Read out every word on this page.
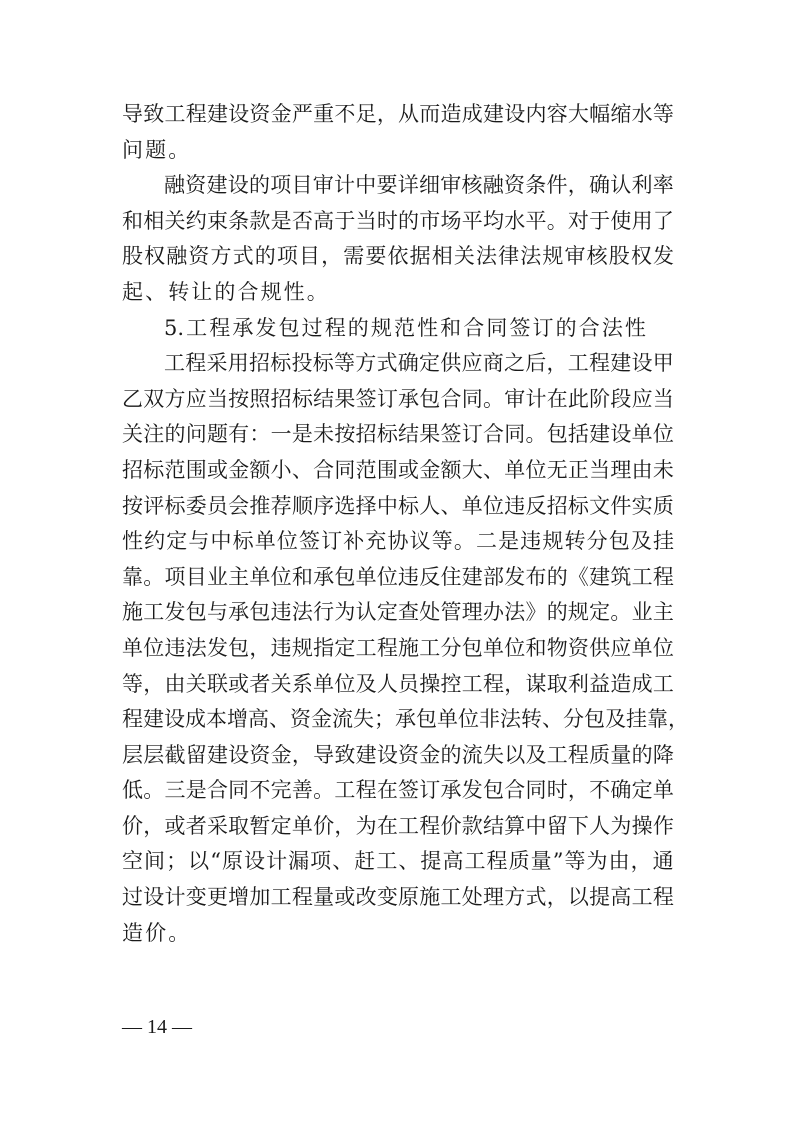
导 致 工 程 建 设 资 金 严 重 不 足 ， 从 而 造 成 建 设 内 容 大 幅 缩 水 等
问 题 。
融 资 建 设 的 项 目 审 计 中 要 详 细 审 核 融 资 条 件 ， 确 认 利 率
和 相 关 约 束 条 款 是 否 高 于 当 时 的 市 场 平 均 水 平 。 对 于 使 用 了
股 权 融 资 方 式 的 项 目 ， 需 要 依 据 相 关 法 律 法 规 审 核 股 权 发
起 、 转 让 的 合 规 性 。
5. 工 程 承 发 包 过 程 的 规 范 性 和 合 同 签 订 的 合 法 性
工 程 采 用 招 标 投 标 等 方 式 确 定 供 应 商 之 后 ， 工 程 建 设 甲
乙 双 方 应 当 按 照 招 标 结 果 签 订 承 包 合 同 。 审 计 在 此 阶 段 应 当
关 注 的 问 题 有 ： 一 是 未 按 招 标 结 果 签 订 合 同 。 包 括 建 设 单 位
招 标 范 围 或 金 额 小 、 合 同 范 围 或 金 额 大 、 单 位 无 正 当 理 由 未
按 评 标 委 员 会 推 荐 顺 序 选 择 中 标 人 、 单 位 违 反 招 标 文 件 实 质
性 约 定 与 中 标 单 位 签 订 补 充 协 议 等 。 二 是 违 规 转 分 包 及 挂
靠 。 项 目 业 主 单 位 和 承 包 单 位 违 反 住 建 部 发 布 的 《 建 筑 工 程
施 工 发 包 与 承 包 违 法 行 为 认 定 查 处 管 理 办 法 》 的 规 定 。 业 主
单 位 违 法 发 包 ， 违 规 指 定 工 程 施 工 分 包 单 位 和 物 资 供 应 单 位
等 ， 由 关 联 或 者 关 系 单 位 及 人 员 操 控 工 程 ， 谋 取 利 益 造 成 工
程 建 设 成 本 增 高 、 资 金 流 失 ； 承 包 单 位 非 法 转 、 分 包 及 挂 靠 ，
层 层 截 留 建 设 资 金 ， 导 致 建 设 资 金 的 流 失 以 及 工 程 质 量 的 降
低 。 三 是 合 同 不 完 善 。 工 程 在 签 订 承 发 包 合 同 时 ， 不 确 定 单
价 ， 或 者 采 取 暂 定 单 价 ， 为 在 工 程 价 款 结 算 中 留 下 人 为 操 作
空 间 ； 以 “ 原 设 计 漏 项 、 赶 工 、 提 高 工 程 质 量 ” 等 为 由 ， 通
过 设 计 变 更 增 加 工 程 量 或 改 变 原 施 工 处 理 方 式 ， 以 提 高 工 程
造 价 。
— 14 —
